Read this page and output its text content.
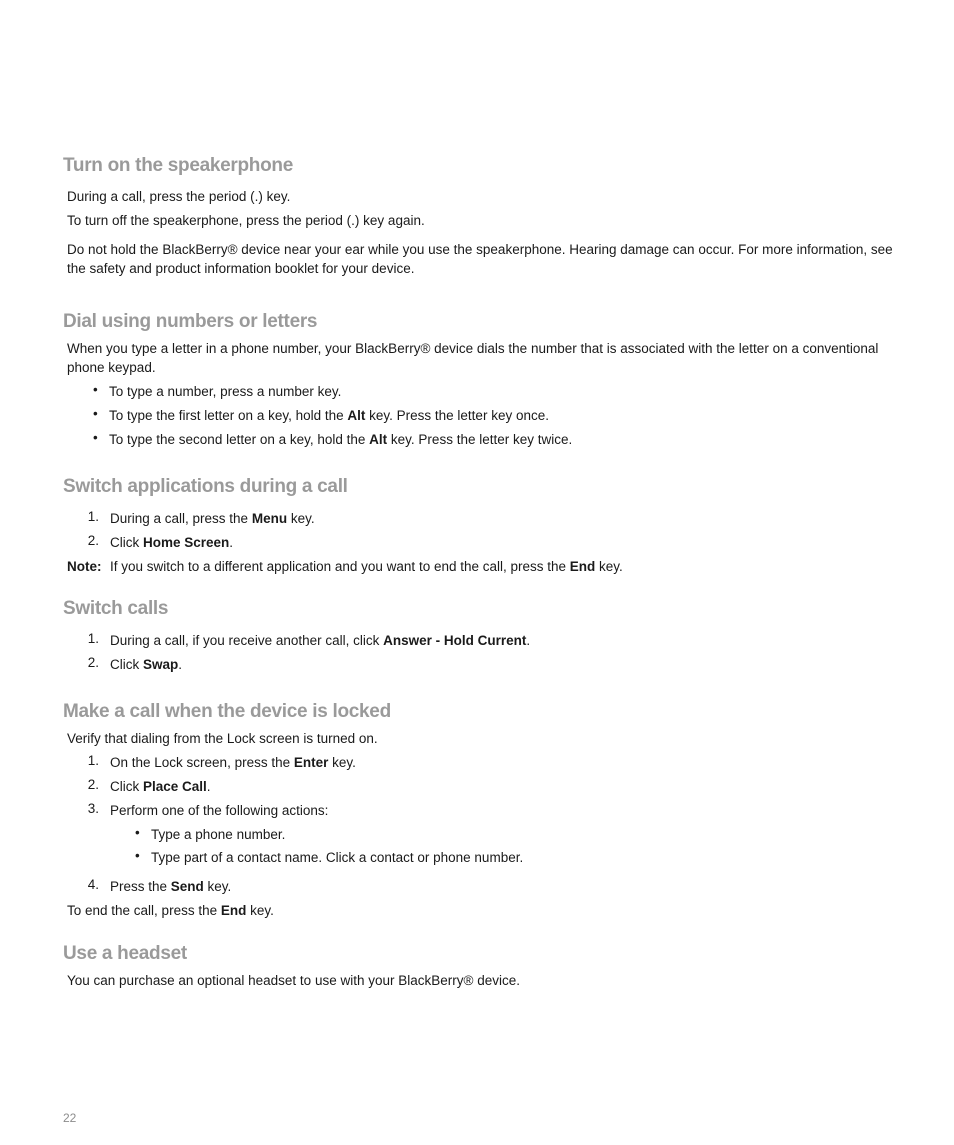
Turn on the speakerphone

During a call, press the period (.) key.

To turn off the speakerphone, press the period (.) key again.

Do not hold the BlackBerry® device near your ear while you use the speakerphone. Hearing damage can occur. For more information, see the safety and product information booklet for your device.

Dial using numbers or letters

When you type a letter in a phone number, your BlackBerry® device dials the number that is associated with the letter on a conventional phone keypad.

• To type a number, press a number key.
• To type the first letter on a key, hold the Alt key. Press the letter key once.
• To type the second letter on a key, hold the Alt key. Press the letter key twice.
Switch applications during a call
1. During a call, press the Menu key.
2. Click Home Screen.
Note: If you switch to a different application and you want to end the call, press the End key.
Switch calls
1. During a call, if you receive another call, click Answer - Hold Current.
2. Click Swap.
Make a call when the device is locked

Verify that dialing from the Lock screen is turned on.

1. On the Lock screen, press the Enter key.
2. Click Place Call.
3. Perform one of the following actions:
• Type a phone number.
• Type part of a contact name. Click a contact or phone number.
4. Press the Send key.
To end the call, press the End key.
Use a headset

You can purchase an optional headset to use with your BlackBerry® device.

22
